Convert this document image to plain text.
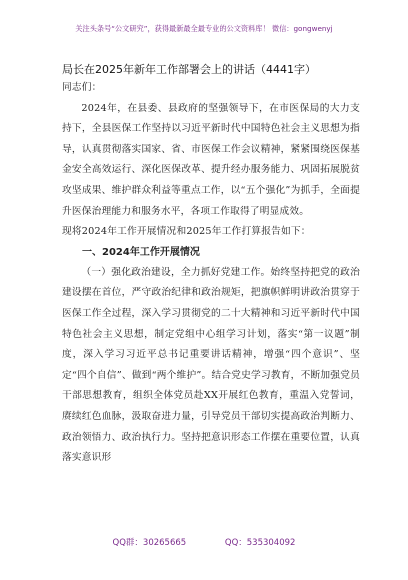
关注头条号“公文研究”，获得最新最全最专业的公文资料库！ 微信：gongwenyj

局长在2025年新年工作部署会上的讲话（4441字）

同志们：

2024年，在县委、县政府的坚强领导下，在市医保局的大力支持下，全县医保工作坚持以习近平新时代中国特色社会主义思想为指导，认真贯彻落实国家、省、市医保工作会议精神，紧紧围绕医保基金安全高效运行、深化医保改革、提升经办服务能力、巩固拓展脱贫攻坚成果、维护群众利益等重点工作，以“五个强化”为抓手，全面提升医保治理能力和服务水平，各项工作取得了明显成效。

现将2024年工作开展情况和2025年工作打算报告如下：

一、2024年工作开展情况

（一）强化政治建设，全力抓好党建工作。始终坚持把党的政治建设摆在首位，严守政治纪律和政治规矩，把旗帜鲜明讲政治贯穿于医保工作全过程，深入学习贯彻党的二十大精神和习近平新时代中国特色社会主义思想，制定党组中心组学习计划，落实“第一议题”制度，深入学习习近平总书记重要讲话精神，增强“四个意识”、坚定“四个自信”、做到“两个维护”。结合党史学习教育，不断加强党员干部思想教育，组织全体党员赴XX开展红色教育，重温入党誓词，赓续红色血脉，汲取奋进力量，引导党员干部切实提高政治判断力、政治领悟力、政治执行力。坚持把意识形态工作摆在重要位置，认真落实意识形

QQ群：30265665	QQ：535304092
